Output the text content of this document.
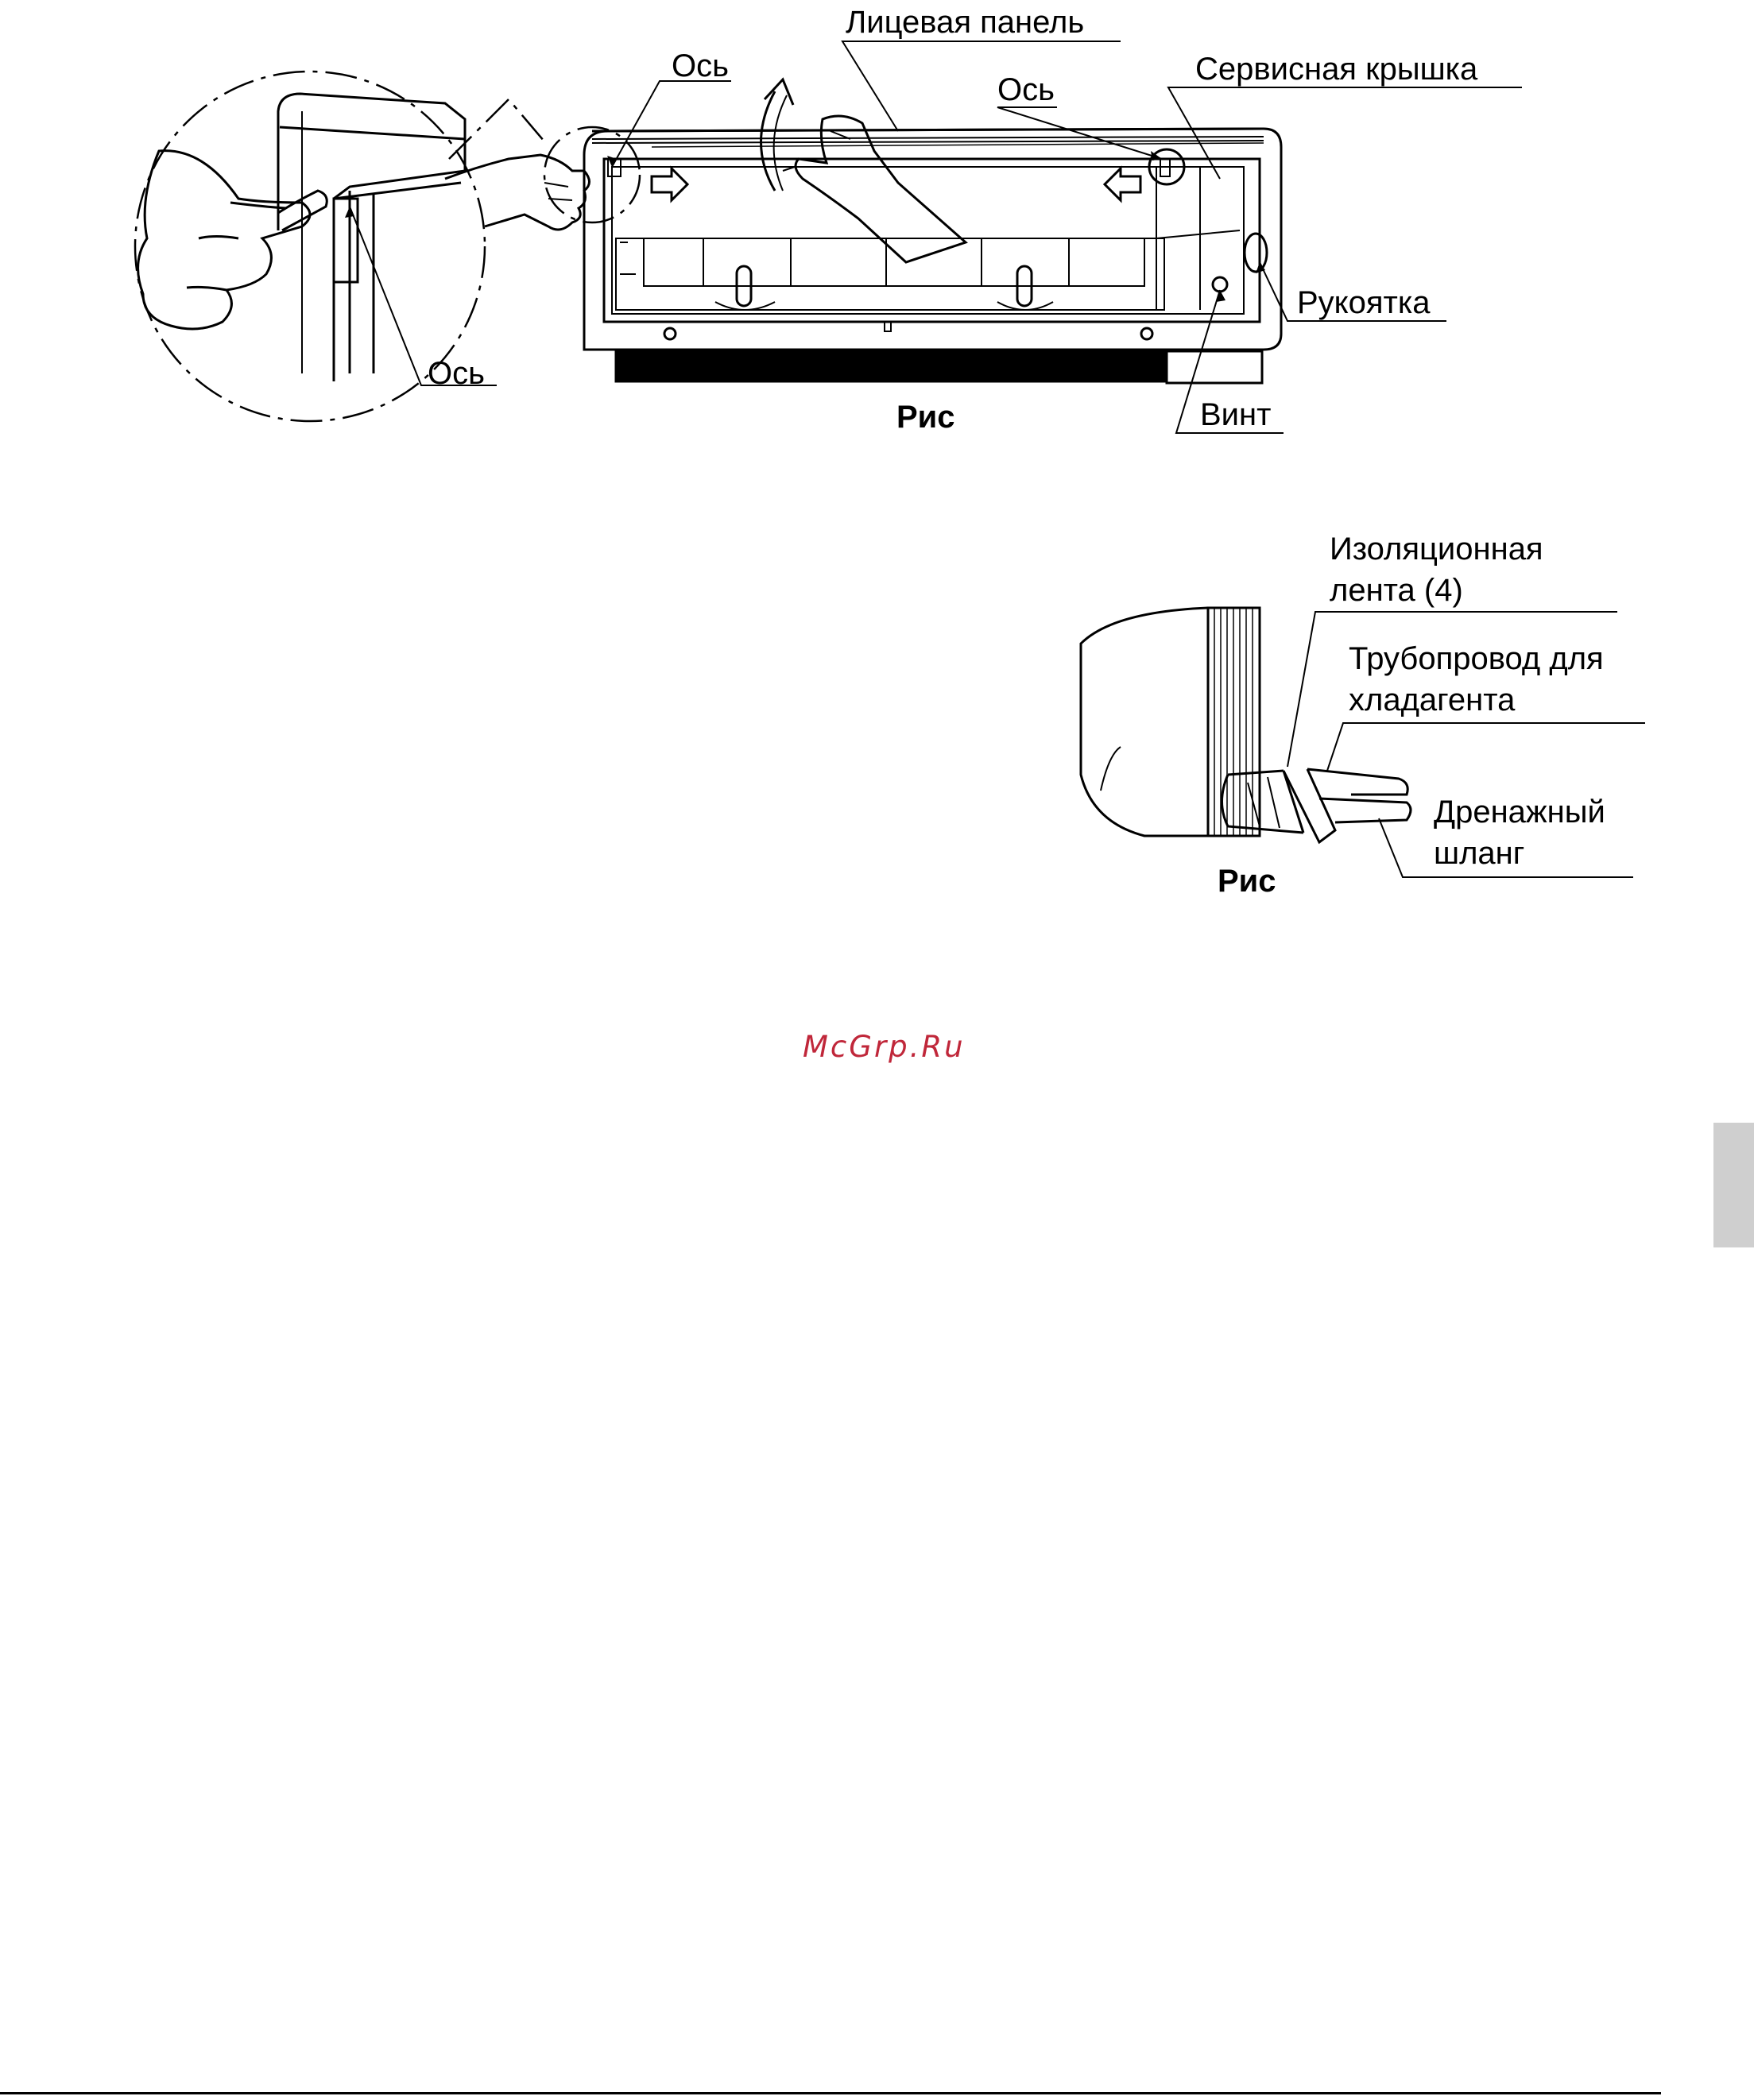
Лицевая панель
Ось
Ось
Сервисная крышка
Рукоятка
Ось
Винт
Рис
Изоляционная
лента (4)
Трубопровод для
хладагента
Дренажный
шланг
Рис
McGrp.Ru
